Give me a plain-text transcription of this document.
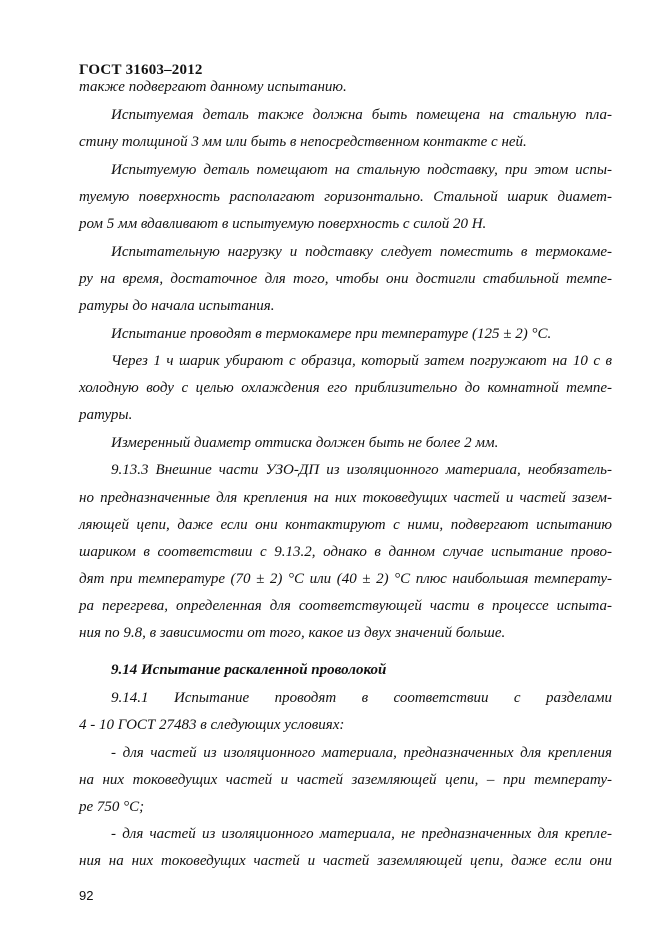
ГОСТ 31603–2012
также подвергают данному испытанию.
Испытуемая деталь также должна быть помещена на стальную пла-
стину толщиной 3 мм или быть в непосредственном контакте с ней.
Испытуемую деталь помещают на стальную подставку, при этом испы-
туемую поверхность располагают горизонтально. Стальной шарик диамет-
ром 5 мм вдавливают в испытуемую поверхность с силой 20 Н.
Испытательную нагрузку и подставку следует поместить в термокаме-
ру на время, достаточное для того, чтобы они достигли стабильной темпе-
ратуры до начала испытания.
Испытание проводят в термокамере при температуре (125 ± 2) °С.
Через 1 ч шарик убирают с образца, который затем погружают на 10 с в
холодную воду с целью охлаждения его приблизительно до комнатной темпе-
ратуры.
Измеренный диаметр оттиска должен быть не более 2 мм.
9.13.3 Внешние части УЗО-ДП из изоляционного материала, необязатель-
но предназначенные для крепления на них токоведущих частей и частей зазем-
ляющей цепи, даже если они контактируют с ними, подвергают испытанию
шариком в соответствии с 9.13.2, однако в данном случае испытание прово-
дят при температуре (70 ± 2) °С или (40 ± 2) °С плюс наибольшая температу-
ра перегрева, определенная для соответствующей части в процессе испыта-
ния по 9.8, в зависимости от того, какое из двух значений больше.
9.14 Испытание раскаленной проволокой
9.14.1 Испытание проводят в соответствии с разделами
4 - 10 ГОСТ 27483 в следующих условиях:
- для частей из изоляционного материала, предназначенных для крепления
на них токоведущих частей и частей заземляющей цепи, – при температу-
ре 750 °С;
- для частей из изоляционного материала, не предназначенных для крепле-
ния на них токоведущих частей и частей заземляющей цепи, даже если они
92
